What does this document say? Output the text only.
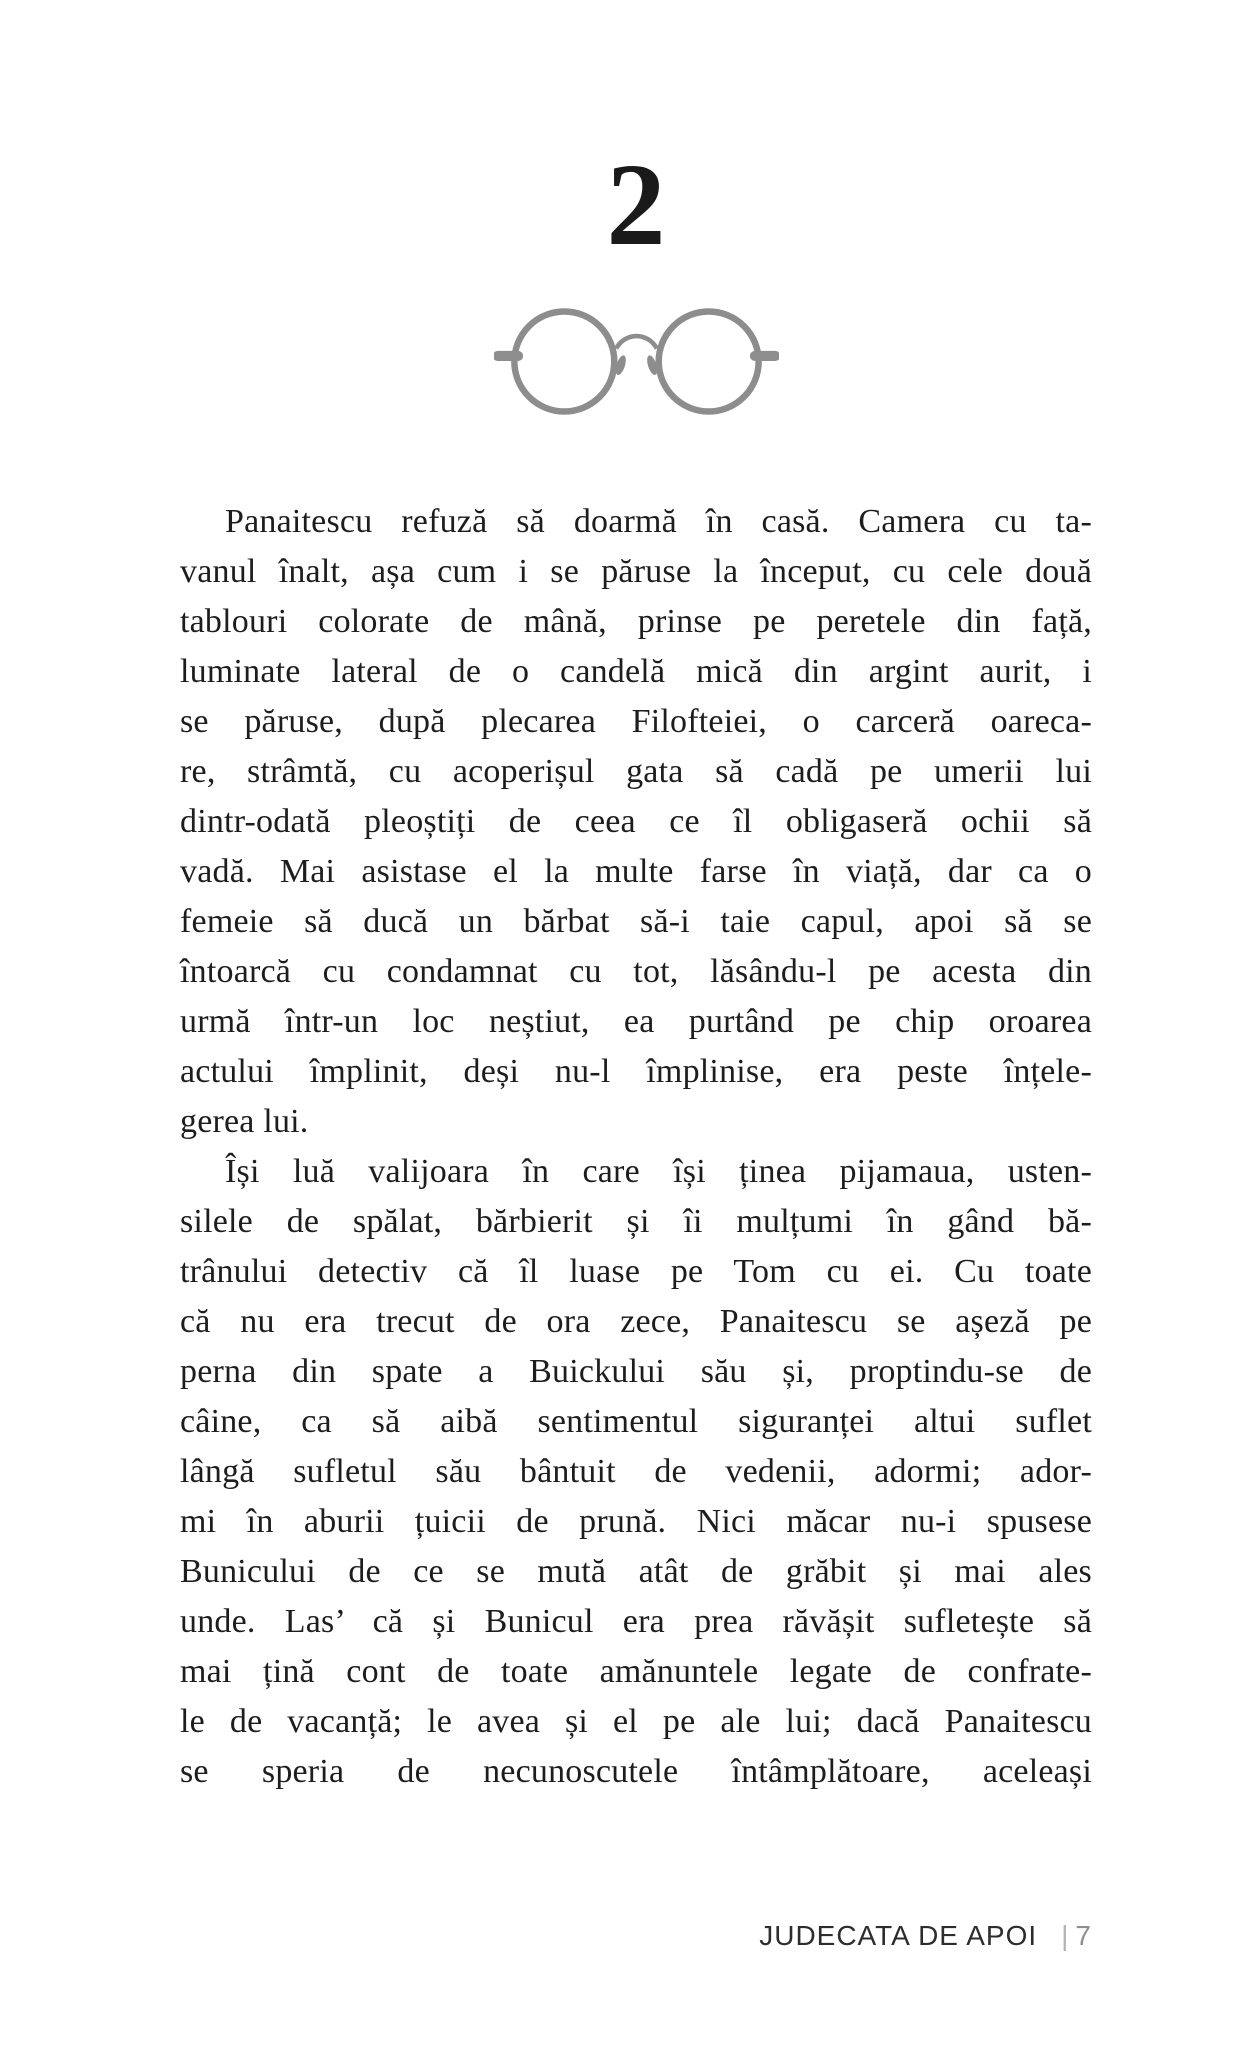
2
Panaitescu refuză să doarmă în casă. Camera cu ta-
vanul înalt, așa cum i se păruse la început, cu cele două
tablouri colorate de mână, prinse pe peretele din față,
luminate lateral de o candelă mică din argint aurit, i
se păruse, după plecarea Filofteiei, o carceră oareca-
re, strâmtă, cu acoperișul gata să cadă pe umerii lui
dintr-odată pleoștiți de ceea ce îl obligaseră ochii să
vadă. Mai asistase el la multe farse în viață, dar ca o
femeie să ducă un bărbat să-i taie capul, apoi să se
întoarcă cu condamnat cu tot, lăsându-l pe acesta din
urmă într-un loc neștiut, ea purtând pe chip oroarea
actului împlinit, deși nu-l împlinise, era peste înțele-
gerea lui.
Își luă valijoara în care își ținea pijamaua, usten-
silele de spălat, bărbierit și îi mulțumi în gând bă-
trânului detectiv că îl luase pe Tom cu ei. Cu toate
că nu era trecut de ora zece, Panaitescu se așeză pe
perna din spate a Buickului său și, proptindu-se de
câine, ca să aibă sentimentul siguranței altui suflet
lângă sufletul său bântuit de vedenii, adormi; ador-
mi în aburii țuicii de prună. Nici măcar nu-i spusese
Bunicului de ce se mută atât de grăbit și mai ales
unde. Las’ că și Bunicul era prea răvășit sufletește să
mai țină cont de toate amănuntele legate de confrate-
le de vacanță; le avea și el pe ale lui; dacă Panaitescu
se speria de necunoscutele întâmplătoare, aceleași
JUDECATA DE APOI | 7
